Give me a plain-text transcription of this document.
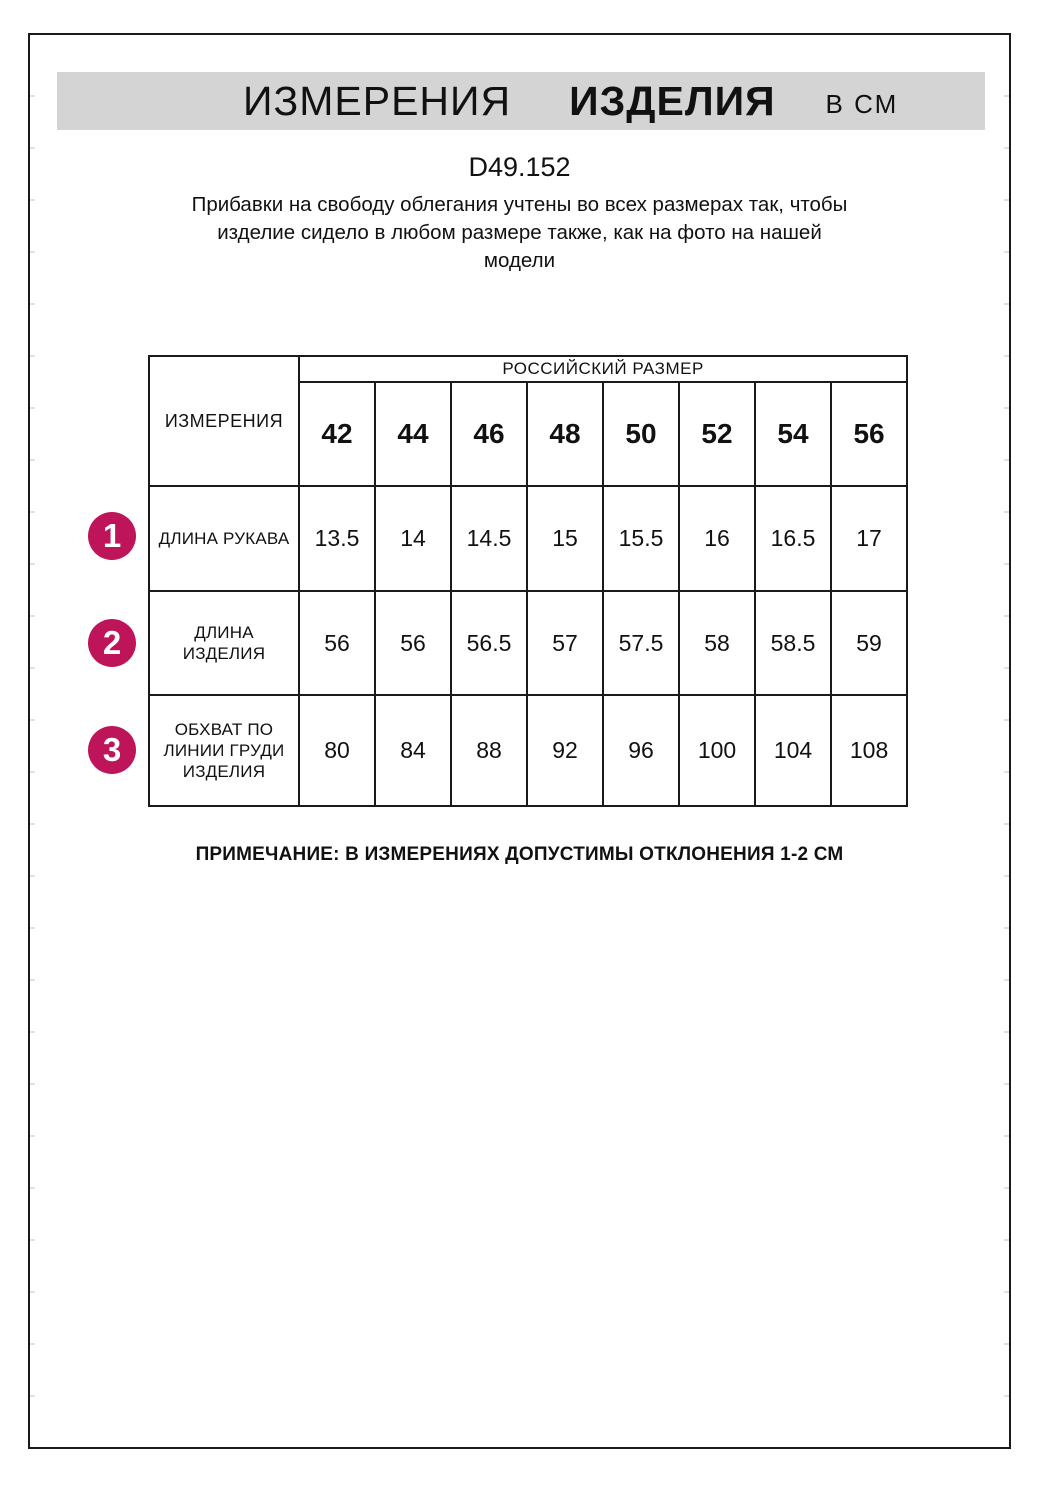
ИЗМЕРЕНИЯ ИЗДЕЛИЯ В СМ
D49.152
Прибавки на свободу облегания учтены во всех размерах так, чтобы
изделие сидело в любом размере также, как на фото на нашей
модели
ИЗМЕРЕНИЯ	РОССИЙСКИЙ РАЗМЕР							
	42	44	46	48	50	52	54	56

ДЛИНА РУКАВА	13.5	14	14.5	15	15.5	16	16.5	17

ДЛИНА
ИЗДЕЛИЯ	56	56	56.5	57	57.5	58	58.5	59

ОБХВАТ ПО
ЛИНИИ ГРУДИ
ИЗДЕЛИЯ	80	84	88	92	96	100	104	108
1
2
3
ПРИМЕЧАНИЕ: В ИЗМЕРЕНИЯХ ДОПУСТИМЫ ОТКЛОНЕНИЯ 1-2 СМ
